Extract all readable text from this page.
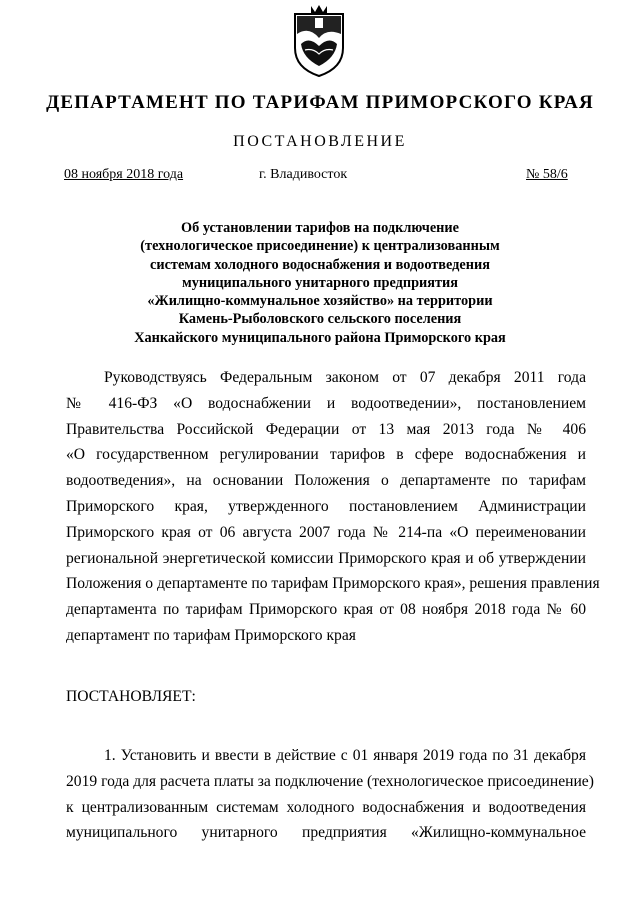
ДЕПАРТАМЕНТ ПО ТАРИФАМ ПРИМОРСКОГО КРАЯ
ПОСТАНОВЛЕНИЕ
08 ноября 2018 года	г. Владивосток	№ 58/6
Об установлении тарифов на подключение
(технологическое присоединение) к централизованным
системам холодного водоснабжения и водоотведения
муниципального унитарного предприятия
«Жилищно-коммунальное хозяйство» на территории
Камень-Рыболовского сельского поселения
Ханкайского муниципального района Приморского края
Руководствуясь Федеральным законом от 07 декабря 2011 года
№ 416-ФЗ «О водоснабжении и водоотведении», постановлением
Правительства Российской Федерации от 13 мая 2013 года № 406
«О государственном регулировании тарифов в сфере водоснабжения и
водоотведения», на основании Положения о департаменте по тарифам
Приморского края, утвержденного постановлением Администрации
Приморского края от 06 августа 2007 года № 214-па «О переименовании
региональной энергетической комиссии Приморского края и об утверждении
Положения о департаменте по тарифам Приморского края», решения правления
департамента по тарифам Приморского края от 08 ноября 2018 года № 60
департамент по тарифам Приморского края
ПОСТАНОВЛЯЕТ:
1. Установить и ввести в действие с 01 января 2019 года по 31 декабря
2019 года для расчета платы за подключение (технологическое присоединение)
к централизованным системам холодного водоснабжения и водоотведения
муниципального унитарного предприятия «Жилищно-коммунальное
